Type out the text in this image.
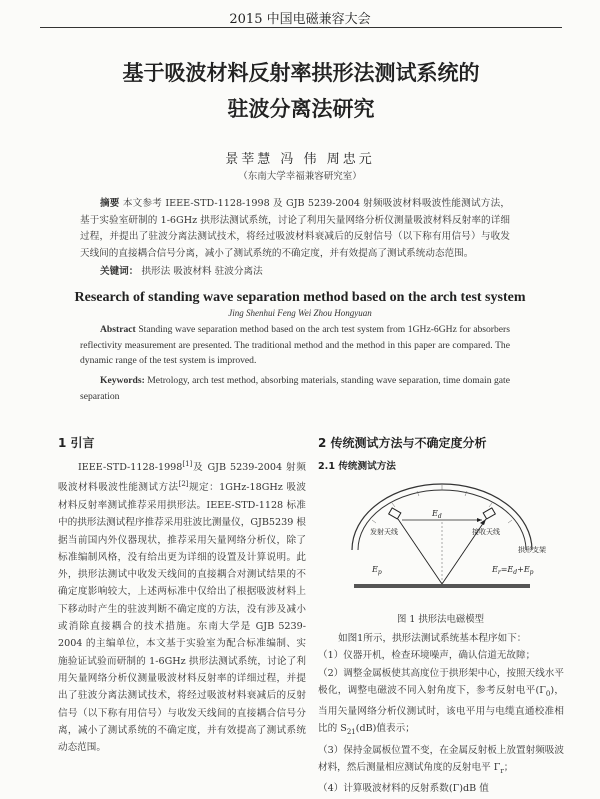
2015 中国电磁兼容大会
基于吸波材料反射率拱形法测试系统的
驻波分离法研究
景莘慧 冯 伟 周忠元
（东南大学幸福兼容研究室）
摘要 本文参考 IEEE-STD-1128-1998 及 GJB 5239-2004 射频吸波材料吸波性能测试方法，基于实验室研制的 1-6GHz 拱形法测试系统，讨论了利用矢量网络分析仪测量吸波材料反射率的详细过程，并提出了驻波分离法测试技术，将经过吸波材料衰减后的反射信号（以下称有用信号）与收发天线间的直接耦合信号分离，减小了测试系统的不确定度，并有效提高了测试系统动态范围。
关键词： 拱形法 吸波材料 驻波分离法
Research of standing wave separation method based on the arch test system
Jing Shenhui Feng Wei Zhou Hongyuan
Abstract Standing wave separation method based on the arch test system from 1GHz-6GHz for absorbers reflectivity measurement are presented. The traditional method and the method in this paper are compared. The dynamic range of the test system is improved.
Keywords: Metrology, arch test method, absorbing materials, standing wave separation, time domain gate separation
1 引言
IEEE-STD-1128-1998[1]及 GJB 5239-2004 射频吸波材料吸波性能测试方法[2]规定：1GHz-18GHz 吸波材料反射率测试推荐采用拱形法。IEEE-STD-1128 标准中的拱形法测试程序推荐采用驻波比测量仪，GJB5239 根据当前国内外仪器现状，推荐采用矢量网络分析仪，除了标准编制风格，没有给出更为详细的设置及计算说明。此外，拱形法测试中收发天线间的直接耦合对测试结果的不确定度影响较大，上述两标准中仅给出了根据吸波材料上下移动时产生的驻波判断不确定度的方法，没有涉及减小或消除直接耦合的技术措施。东南大学是 GJB 5239-2004 的主编单位，本文基于实验室为配合标准编制、实施验证试验而研制的 1-6GHz 拱形法测试系统，讨论了利用矢量网络分析仪测量吸波材料反射率的详细过程，并提出了驻波分离法测试技术，将经过吸波材料衰减后的反射信号（以下称有用信号）与收发天线间的直接耦合信号分离，减小了测试系统的不确定度，并有效提高了测试系统动态范围。
2 传统测试方法与不确定度分析
2.1 传统测试方法
发射天线	接收天线
拱形支架
$E_d$
$E_p$	$E_r=E_d+E_p$
图 1 拱形法电磁模型
如图1所示，拱形法测试系统基本程序如下：
（1）仪器开机，检查环境噪声，确认信道无故障；
（2）调整金属板使其高度位于拱形架中心，按照天线水平极化，调整电磁波不同入射角度下，参考反射电平$(\Gamma_0)$，当用矢量网络分析仪测试时，该电平用与电缆直通校准相比的 $S_{21}(dB)$值表示；
（3）保持金属板位置不变，在金属反射板上放置射频吸波材料，然后测量相应测试角度的反射电平 $\Gamma_r$；
（4）计算吸波材料的反射系数(Γ)dB 值
